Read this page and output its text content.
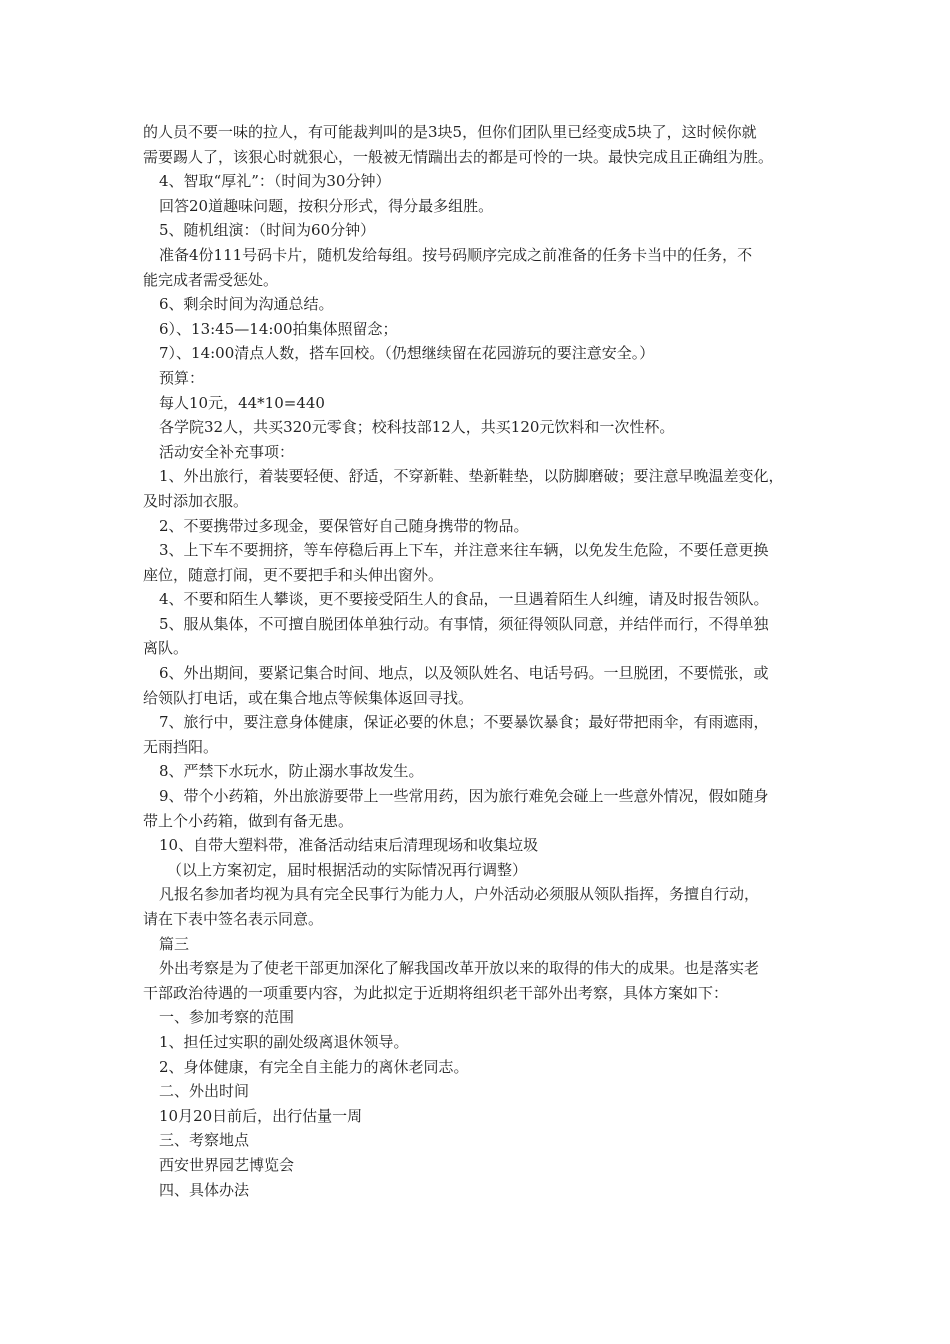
的人员不要一味的拉人，有可能裁判叫的是3块5，但你们团队里已经变成5块了，这时候你就

需要踢人了，该狠心时就狠心，一般被无情踹出去的都是可怜的一块。最快完成且正确组为胜。

4、智取“厚礼”：（时间为30分钟）

回答20道趣味问题，按积分形式，得分最多组胜。

5、随机组演：（时间为60分钟）

准备4份111号码卡片，随机发给每组。按号码顺序完成之前准备的任务卡当中的任务，不

能完成者需受惩处。

6、剩余时间为沟通总结。

6）、13:45—14:00拍集体照留念；

7）、14:00清点人数，搭车回校。（仍想继续留在花园游玩的要注意安全。）

预算：

每人10元，44*10=440

各学院32人，共买320元零食；校科技部12人，共买120元饮料和一次性杯。

活动安全补充事项：

1、外出旅行，着装要轻便、舒适，不穿新鞋、垫新鞋垫，以防脚磨破；要注意早晚温差变化，

及时添加衣服。

2、不要携带过多现金，要保管好自己随身携带的物品。

3、上下车不要拥挤，等车停稳后再上下车，并注意来往车辆，以免发生危险，不要任意更换

座位，随意打闹，更不要把手和头伸出窗外。

4、不要和陌生人攀谈，更不要接受陌生人的食品，一旦遇着陌生人纠缠，请及时报告领队。

5、服从集体，不可擅自脱团体单独行动。有事情，须征得领队同意，并结伴而行，不得单独

离队。

6、外出期间，要紧记集合时间、地点，以及领队姓名、电话号码。一旦脱团，不要慌张，或

给领队打电话，或在集合地点等候集体返回寻找。

7、旅行中，要注意身体健康，保证必要的休息；不要暴饮暴食；最好带把雨伞，有雨遮雨，

无雨挡阳。

8、严禁下水玩水，防止溺水事故发生。

9、带个小药箱，外出旅游要带上一些常用药，因为旅行难免会碰上一些意外情况，假如随身

带上个小药箱，做到有备无患。

10、自带大塑料带，准备活动结束后清理现场和收集垃圾

（以上方案初定，届时根据活动的实际情况再行调整）

凡报名参加者均视为具有完全民事行为能力人，户外活动必须服从领队指挥，务擅自行动，

请在下表中签名表示同意。

篇三

外出考察是为了使老干部更加深化了解我国改革开放以来的取得的伟大的成果。也是落实老

干部政治待遇的一项重要内容，为此拟定于近期将组织老干部外出考察，具体方案如下：

一、参加考察的范围

1、担任过实职的副处级离退休领导。

2、身体健康，有完全自主能力的离休老同志。

二、外出时间

10月20日前后，出行估量一周

三、考察地点

西安世界园艺博览会

四、具体办法
